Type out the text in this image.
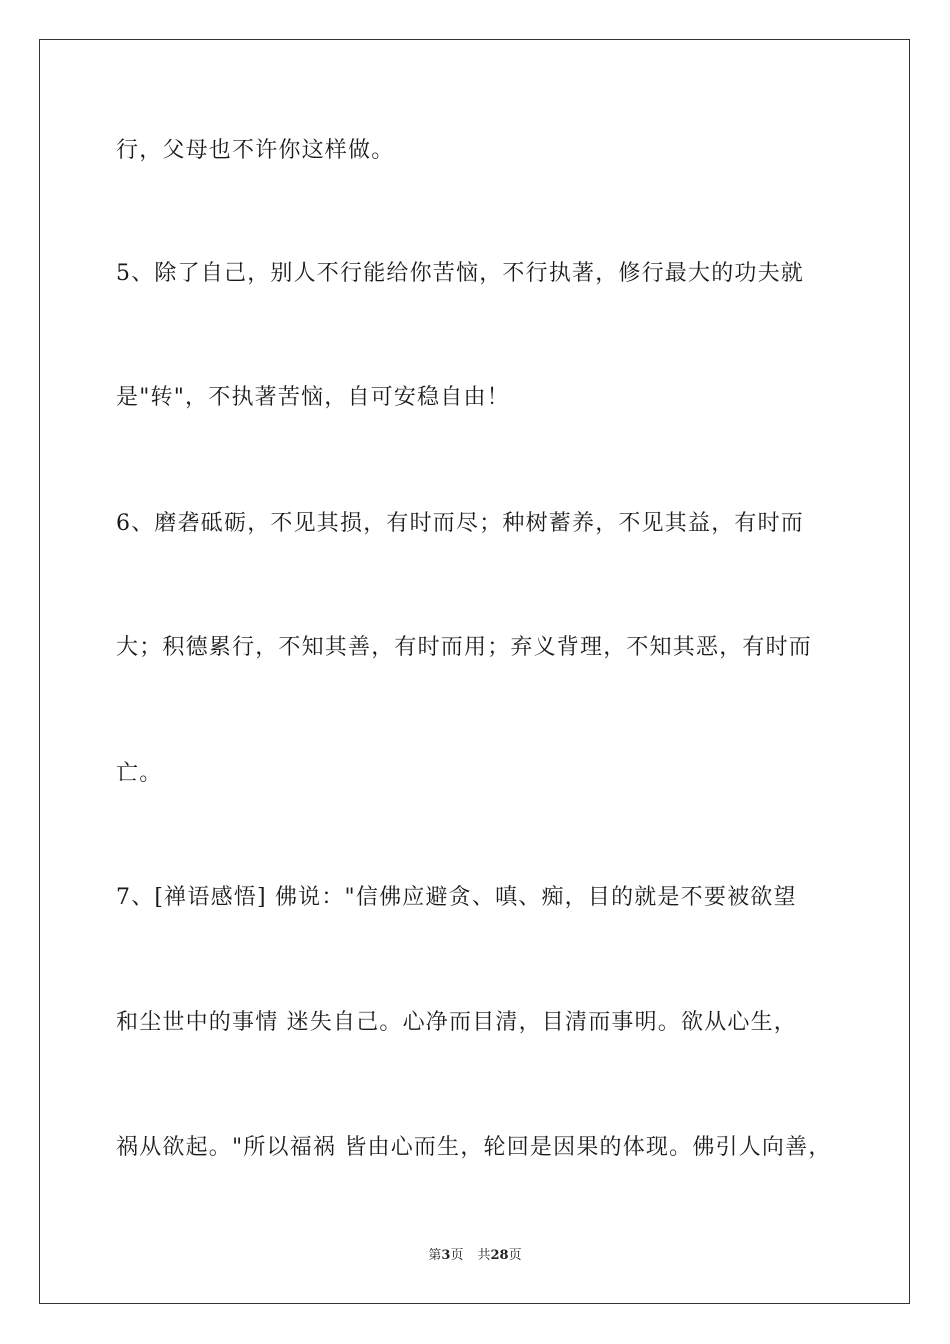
行，父母也不许你这样做。
5、除了自己，别人不行能给你苦恼，不行执著，修行最大的功夫就
是"转"，不执著苦恼，自可安稳自由！
6、磨砻砥砺，不见其损，有时而尽；种树蓄养，不见其益，有时而
大；积德累行，不知其善，有时而用；弃义背理，不知其恶，有时而
亡。
7、[禅语感悟] 佛说："信佛应避贪、嗔、痴，目的就是不要被欲望
和尘世中的事情 迷失自己。心净而目清，目清而事明。欲从心生，
祸从欲起。"所以福祸 皆由心而生，轮回是因果的体现。佛引人向善，
第3页 共28页
